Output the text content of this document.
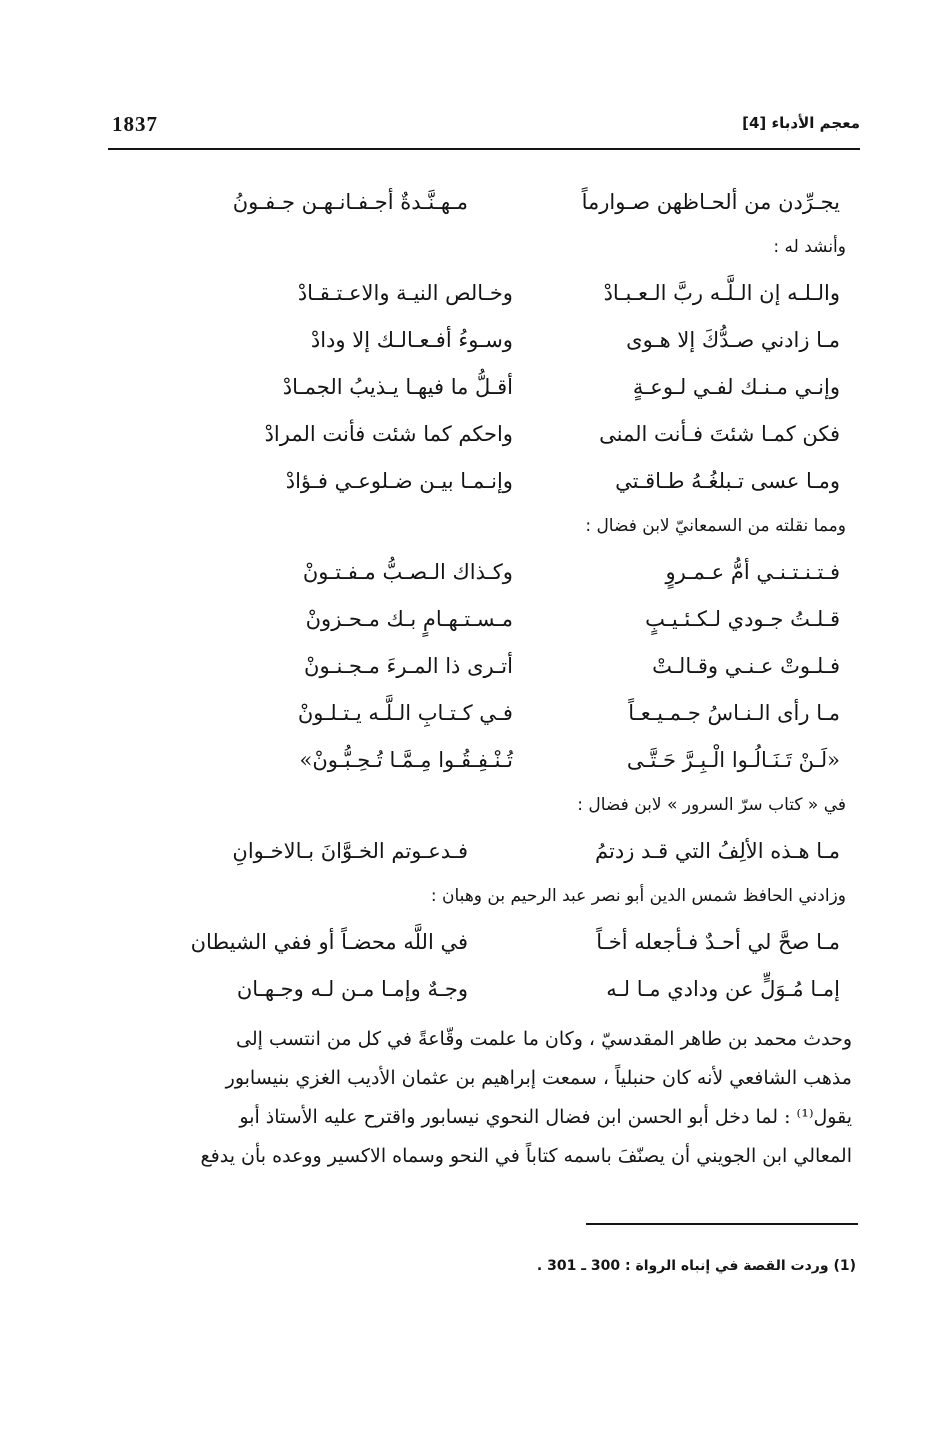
1837	معجم الأدباء [4]
يجـرِّدن من ألحـاظهن صـوارماً
مـهـنَّـدةٌ أجـفـانـهـن جـفـونُ
وأنشد له :
والـلـه إن الـلَّـه ربَّ الـعـبـادْ
وخـالص النيـة والاعـتـقـادْ
مـا زادني صـدُّكَ إلا هـوى
وسـوءُ أفـعـالـك إلا ودادْ
وإنـي مـنـك لفـي لـوعـةٍ
أقـلُّ ما فيهـا يـذيبُ الجمـادْ
فكن كمـا شئتَ فـأنت المنى
واحكم كما شئت فأنت المرادْ
ومـا عسى تـبلغُـهُ طـاقـتي
وإنـمـا بيـن ضـلوعـي فـؤادْ
ومما نقلته من السمعانيّ لابن فضال :
فـتـنـتـنـي أمُّ عـمـروٍ
وكـذاك الـصـبُّ مـفـتـونْ
قـلـتُ جـودي لـكـئـيـبٍ
مـسـتـهـامٍ بـك مـحـزونْ
فـلـوتْ عـنـي وقـالـتْ
أتـرى ذا المـرءَ مـجـنـونْ
مـا رأى الـنـاسُ جـمـيـعـاً
فـي كـتـابِ الـلَّـه يـتـلـونْ
«لَـنْ تَـنَـالُـوا الْـبِـرَّ حَـتَّـى
تُـنْـفِـقُـوا مِـمَّـا تُـحِـبُّـونْ»
في « كتاب سرّ السرور » لابن فضال :
مـا هـذه الألِفُ التي قـد زدتمُ
فـدعـوتم الخـوَّانَ بـالاخـوانِ
وزادني الحافظ شمس الدين أبو نصر عبد الرحيم بن وهبان :
مـا صحَّ لي أحـدٌ فـأجعله أخـاً
في اللَّه محضـاً أو ففي الشيطان
إمـا مُـوَلٍّ عن ودادي مـا لـه
وجـهٌ وإمـا مـن لـه وجـهـان
وحدث محمد بن طاهر المقدسيّ ، وكان ما علمت وقّاعةً في كل من انتسب إلى
مذهب الشافعي لأنه كان حنبلياً ، سمعت إبراهيم بن عثمان الأديب الغزي بنيسابور
يقول⁽¹⁾ : لما دخل أبو الحسن ابن فضال النحوي نيسابور واقترح عليه الأستاذ أبو
المعالي ابن الجويني أن يصنّفَ باسمه كتاباً في النحو وسماه الاكسير ووعده بأن يدفع
(1) وردت القصة في إنباه الرواة : 300 ـ 301 .
